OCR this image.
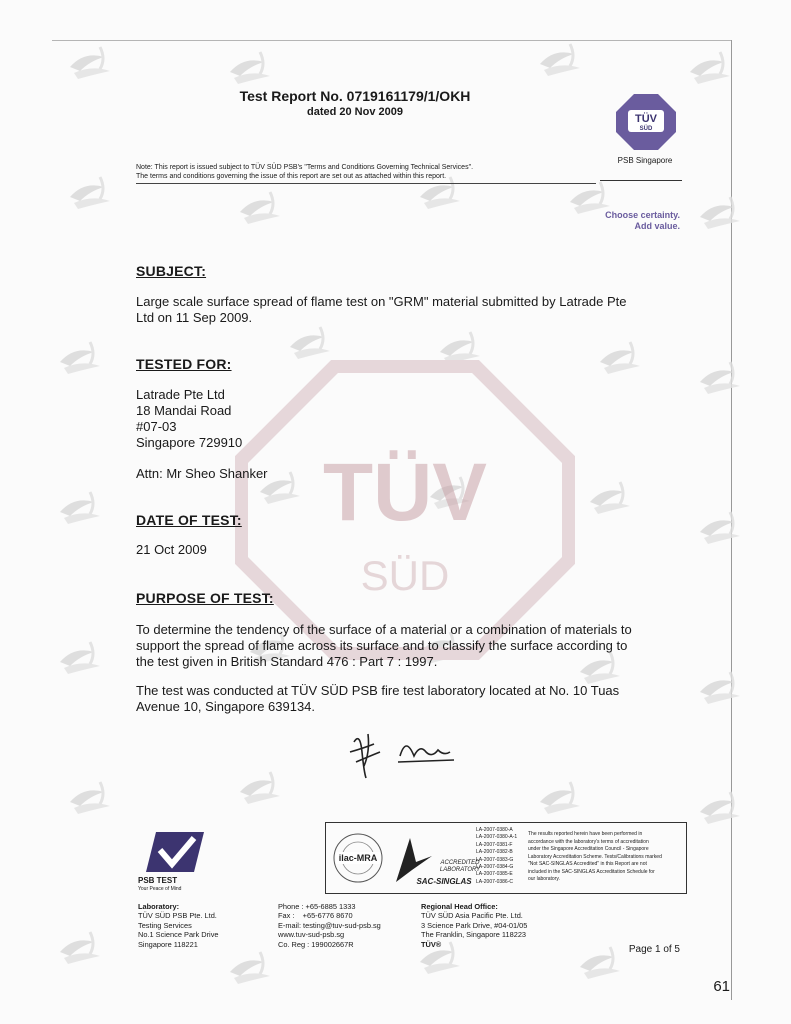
TÜV
SÜD
Test Report No. 0719161179/1/OKH
dated 20 Nov 2009
Note: This report is issued subject to TÜV SÜD PSB's "Terms and Conditions Governing Technical Services".
The terms and conditions governing the issue of this report are set out as attached within this report.
TÜV
SÜD
PSB Singapore
Choose certainty.
Add value.
SUBJECT:
Large scale surface spread of flame test on "GRM" material submitted by Latrade Pte
Ltd on 11 Sep 2009.
TESTED FOR:
Latrade Pte Ltd
18 Mandai Road
#07-03
Singapore 729910
Attn: Mr Sheo Shanker
DATE OF TEST:
21 Oct 2009
PURPOSE OF TEST:
To determine the tendency of the surface of a material or a combination of materials to
support the spread of flame across its surface and to classify the surface according to
the test given in British Standard 476 : Part 7 : 1997.
The test was conducted at TÜV SÜD PSB fire test laboratory located at No. 10 Tuas
Avenue 10, Singapore 639134.
PSB TEST
Your Peace of Mind
ilac-MRA	ACCREDITED
LABORATORY
SAC-SINGLAS
LA-2007-0380-A
LA-2007-0380-A-1
LA-2007-0381-F
LA-2007-0382-B
LA-2007-0383-G
LA-2007-0384-G
LA-2007-0385-E
LA-2007-0386-C
The results reported herein have been performed in
accordance with the laboratory's terms of accreditation
under the Singapore Accreditation Council - Singapore
Laboratory Accreditation Scheme. Tests/Calibrations marked
"Not SAC-SINGLAS Accredited" in this Report are not
included in the SAC-SINGLAS Accreditation Schedule for
our laboratory.
Laboratory:
TÜV SÜD PSB Pte. Ltd.
Testing Services
No.1 Science Park Drive
Singapore 118221
Phone : +65-6885 1333
Fax :    +65-6776 8670
E-mail: testing@tuv-sud-psb.sg
www.tuv-sud-psb.sg
Co. Reg : 199002667R
Regional Head Office:
TÜV SÜD Asia Pacific Pte. Ltd.
3 Science Park Drive, #04-01/05
The Franklin, Singapore 118223
TÜV®	Page 1 of 5
61
